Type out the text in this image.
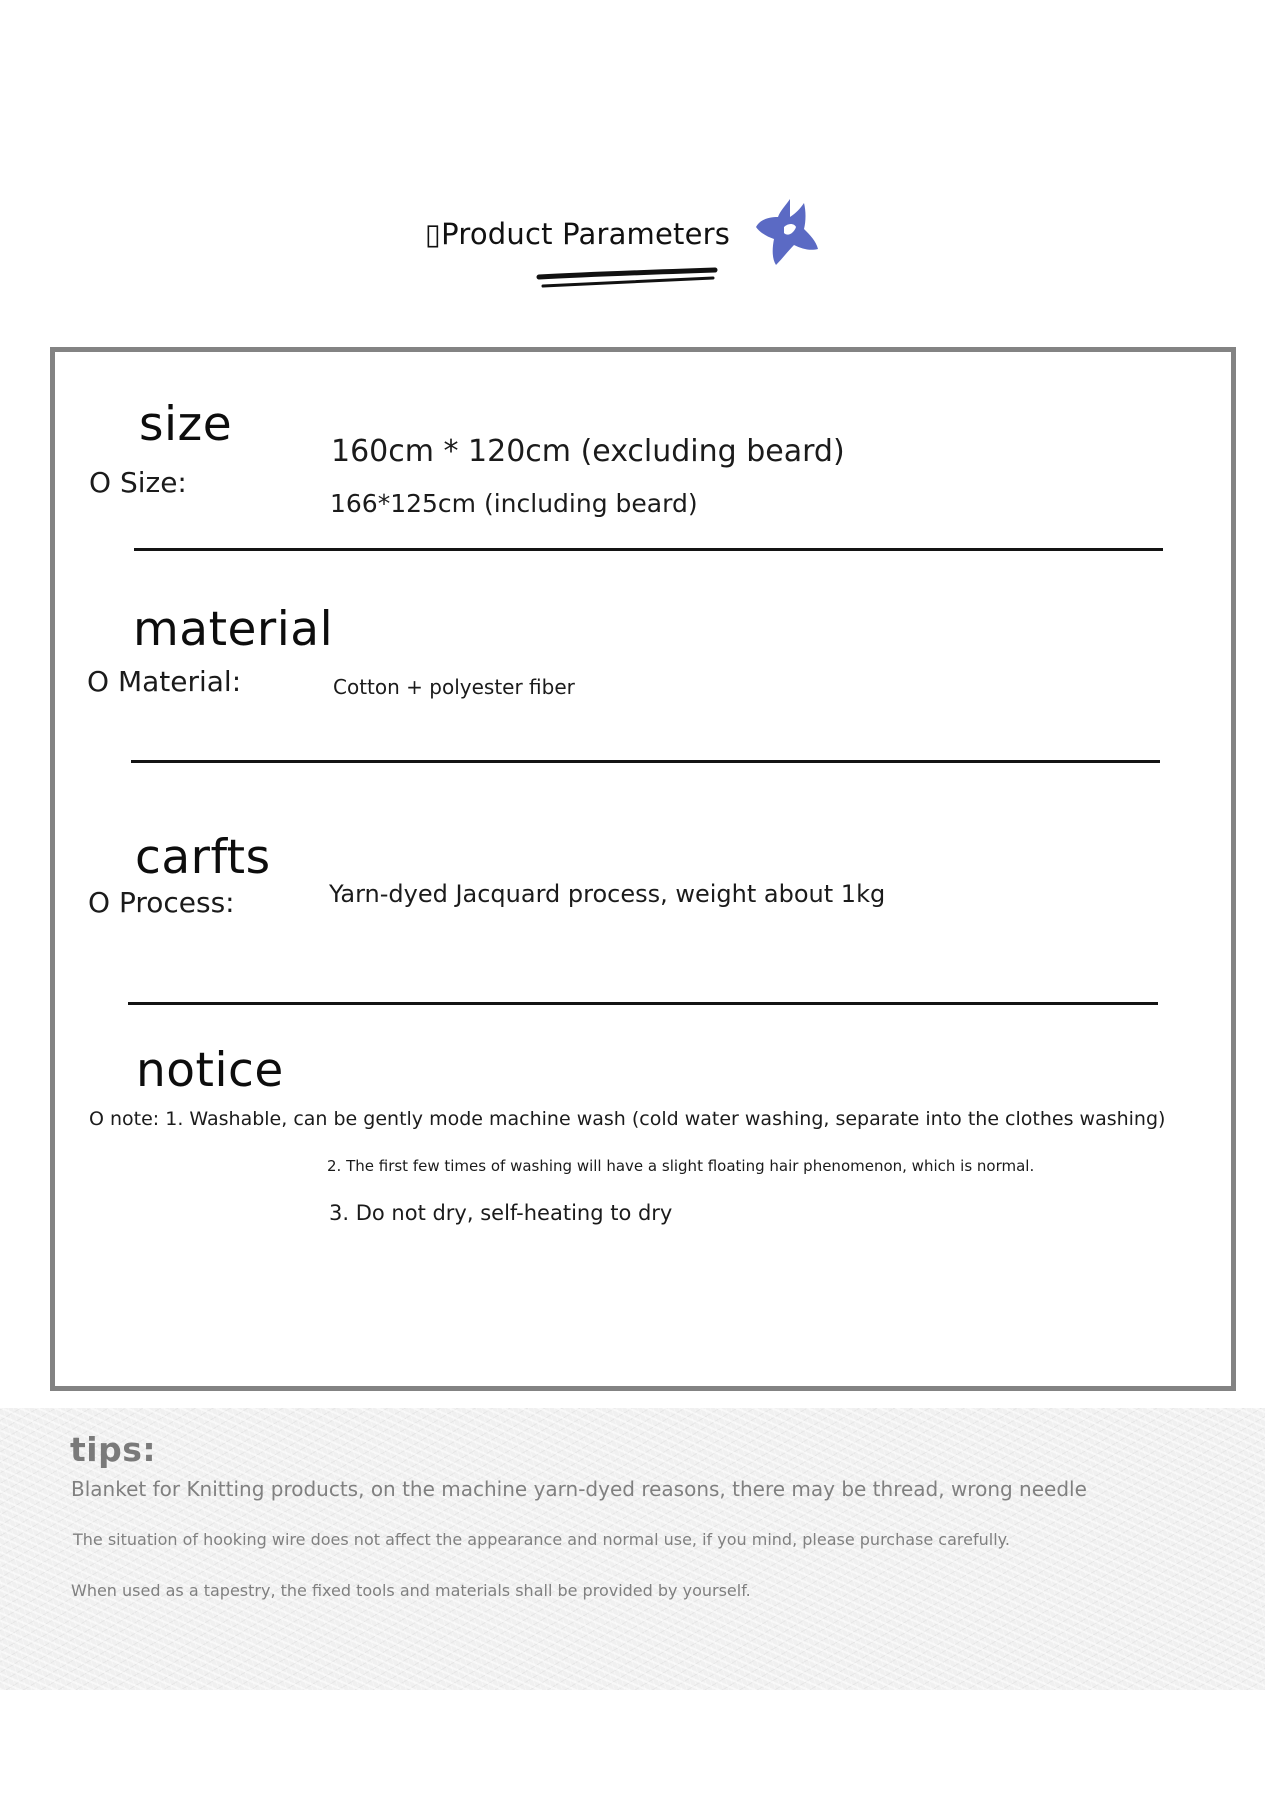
▯Product Parameters
size
O Size:
160cm * 120cm (excluding beard)
166*125cm (including beard)
material
O Material:	Cotton + polyester fiber
carfts
O Process:	Yarn-dyed Jacquard process, weight about 1kg
notice
O note: 1. Washable, can be gently mode machine wash (cold water washing, separate into the clothes washing)
2. The first few times of washing will have a slight floating hair phenomenon, which is normal.
3. Do not dry, self-heating to dry
tips:
Blanket for Knitting products, on the machine yarn-dyed reasons, there may be thread, wrong needle
The situation of hooking wire does not affect the appearance and normal use, if you mind, please purchase carefully.
When used as a tapestry, the fixed tools and materials shall be provided by yourself.
